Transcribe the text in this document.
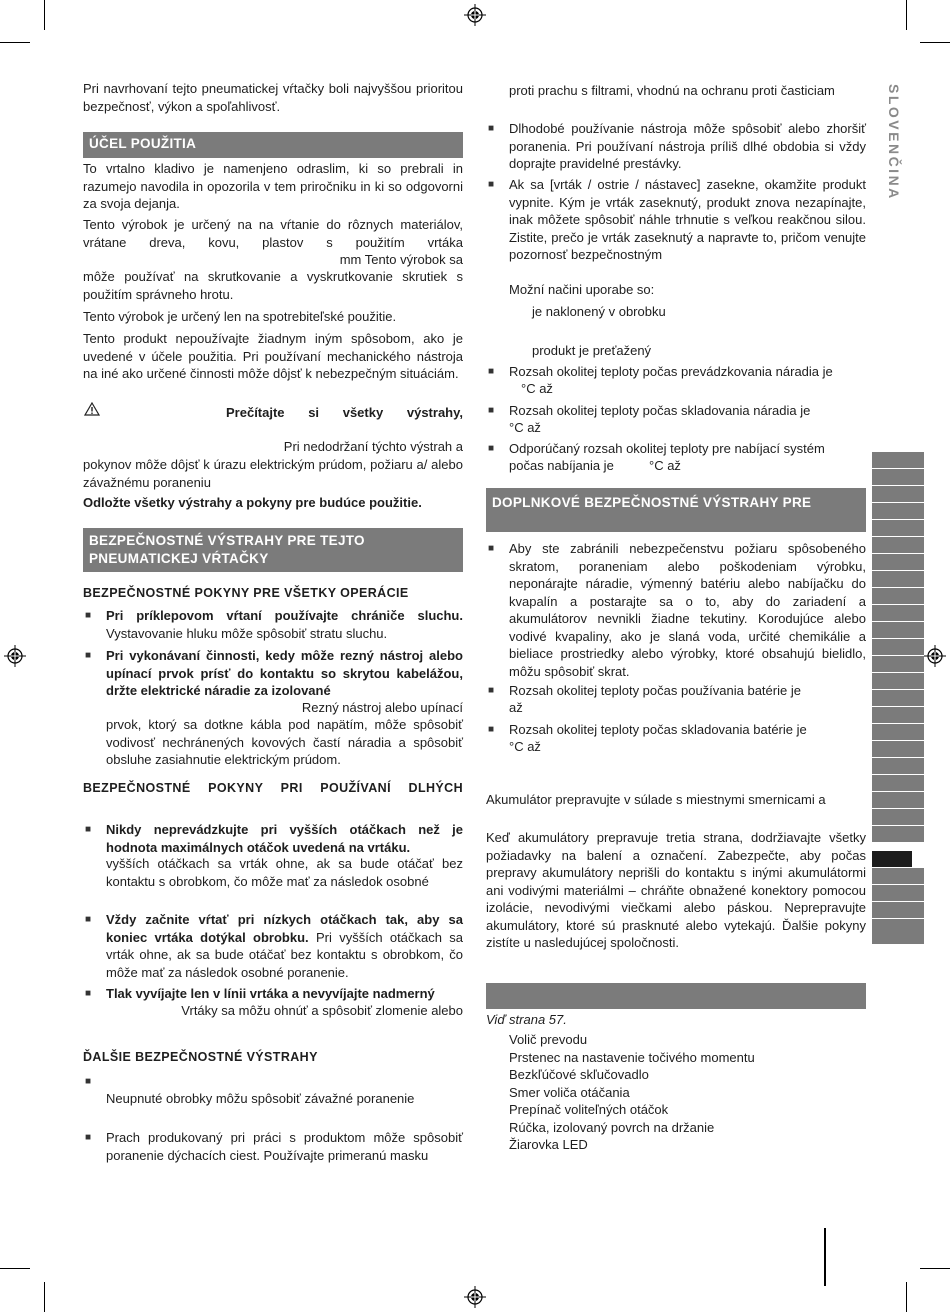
SLOVENČINA

Pri navrhovaní tejto pneumatickej vŕtačky boli najvyššou prioritou bezpečnosť, výkon a spoľahlivosť.

ÚČEL POUŽITIA

To vrtalno kladivo je namenjeno odraslim, ki so prebrali in razumejo navodila in opozorila v tem priročniku in ki so odgovorni za svoja dejanja.

Tento výrobok je určený na na vŕtanie do rôznych materiálov, vrátane dreva, kovu, plastov s použitím vrtáka

mm Tento výrobok sa

môže používať na skrutkovanie a vyskrutkovanie skrutiek s použitím správneho hrotu.

Tento výrobok je určený len na spotrebiteľské použitie.

Tento produkt nepoužívajte žiadnym iným spôsobom, ako je uvedené v účele použitia. Pri používaní mechanického nástroja na iné ako určené činnosti môže dôjsť k nebezpečným situáciám.

Prečítajte si všetky výstrahy,

Pri nedodržaní týchto výstrah a

pokynov môže dôjsť k úrazu elektrickým prúdom, požiaru a/ alebo závažnému poraneniu

Odložte všetky výstrahy a pokyny pre budúce použitie.

BEZPEČNOSTNÉ VÝSTRAHY PRE TEJTO
PNEUMATICKEJ VŔTAČKY

BEZPEČNOSTNÉ POKYNY PRE VŠETKY OPERÁCIE

■ Pri príklepovom vŕtaní používajte chrániče sluchu. Vystavovanie hluku môže spôsobiť stratu sluchu.

■ Pri vykonávaní činnosti, kedy môže rezný nástroj alebo upínací prvok prísť do kontaktu so skrytou kabelážou, držte elektrické náradie za izolované

Rezný nástroj alebo upínací

prvok, ktorý sa dotkne kábla pod napätím, môže spôsobiť vodivosť nechránených kovových častí náradia a spôsobiť obsluhe zasiahnutie elektrickým prúdom.

BEZPEČNOSTNÉ POKYNY PRI POUŽÍVANÍ DLHÝCH

■ Nikdy neprevádzkujte pri vyšších otáčkach než je hodnota maximálnych otáčok uvedená na vrtáku.

vyšších otáčkach sa vrták ohne, ak sa bude otáčať bez kontaktu s obrobkom, čo môže mať za následok osobné

■ Vždy začnite vŕtať pri nízkych otáčkach tak, aby sa koniec vrtáka dotýkal obrobku. Pri vyšších otáčkach sa vrták ohne, ak sa bude otáčať bez kontaktu s obrobkom, čo môže mať za následok osobné poranenie.

■ Tlak vyvíjajte len v línii vrtáka a nevyvíjajte nadmerný

Vrtáky sa môžu ohnúť a spôsobiť zlomenie alebo

ĎALŠIE BEZPEČNOSTNÉ VÝSTRAHY

■

Neupnuté obrobky môžu spôsobiť závažné poranenie

■ Prach produkovaný pri práci s produktom môže spôsobiť poranenie dýchacích ciest. Používajte primeranú masku

proti prachu s filtrami, vhodnú na ochranu proti časticiam

■ Dlhodobé používanie nástroja môže spôsobiť alebo zhoršiť poranenia. Pri používaní nástroja príliš dlhé obdobia si vždy doprajte pravidelné prestávky.

■ Ak sa [vrták / ostrie / nástavec] zasekne, okamžite produkt vypnite. Kým je vrták zaseknutý, produkt znova nezapínajte, inak môžete spôsobiť náhle trhnutie s veľkou reakčnou silou. Zistite, prečo je vrták zaseknutý a napravte to, pričom venujte pozornosť bezpečnostným

Možní načini uporabe so:

je naklonený v obrobku

produkt je preťažený

■ Rozsah okolitej teploty počas prevádzkovania náradia je

°C až

■ Rozsah okolitej teploty počas skladovania náradia je

°C až

■ Odporúčaný rozsah okolitej teploty pre nabíjací systém

počas nabíjania je	°C až

DOPLNKOVÉ BEZPEČNOSTNÉ VÝSTRAHY PRE
■ Aby ste zabránili nebezpečenstvu požiaru spôsobeného skratom, poraneniam alebo poškodeniam výrobku, neponárajte náradie, výmenný batériu alebo nabíjačku do kvapalín a postarajte sa o to, aby do zariadení a akumulátorov nevnikli žiadne tekutiny. Korodujúce alebo vodivé kvapaliny, ako je slaná voda, určité chemikálie a bieliace prostriedky alebo výrobky, ktoré obsahujú bielidlo, môžu spôsobiť skrat.

■ Rozsah okolitej teploty počas používania batérie je

až

■ Rozsah okolitej teploty počas skladovania batérie je

°C až

Akumulátor prepravujte v súlade s miestnymi smernicami a

Keď akumulátory prepravuje tretia strana, dodržiavajte všetky požiadavky na balení a označení. Zabezpečte, aby počas prepravy akumulátory neprišli do kontaktu s inými akumulátormi ani vodivými materiálmi – chráňte obnažené konektory pomocou izolácie, nevodivými viečkami alebo páskou. Neprepravujte akumulátory, ktoré sú prasknuté alebo vytekajú. Ďalšie pokyny zistíte u nasledujúcej spoločnosti.

Viď strana 57.

Volič prevodu
Prstenec na nastavenie točivého momentu
Bezkľúčové skľučovadlo
Smer voliča otáčania
Prepínač voliteľných otáčok
Rúčka, izolovaný povrch na držanie
Žiarovka LED
